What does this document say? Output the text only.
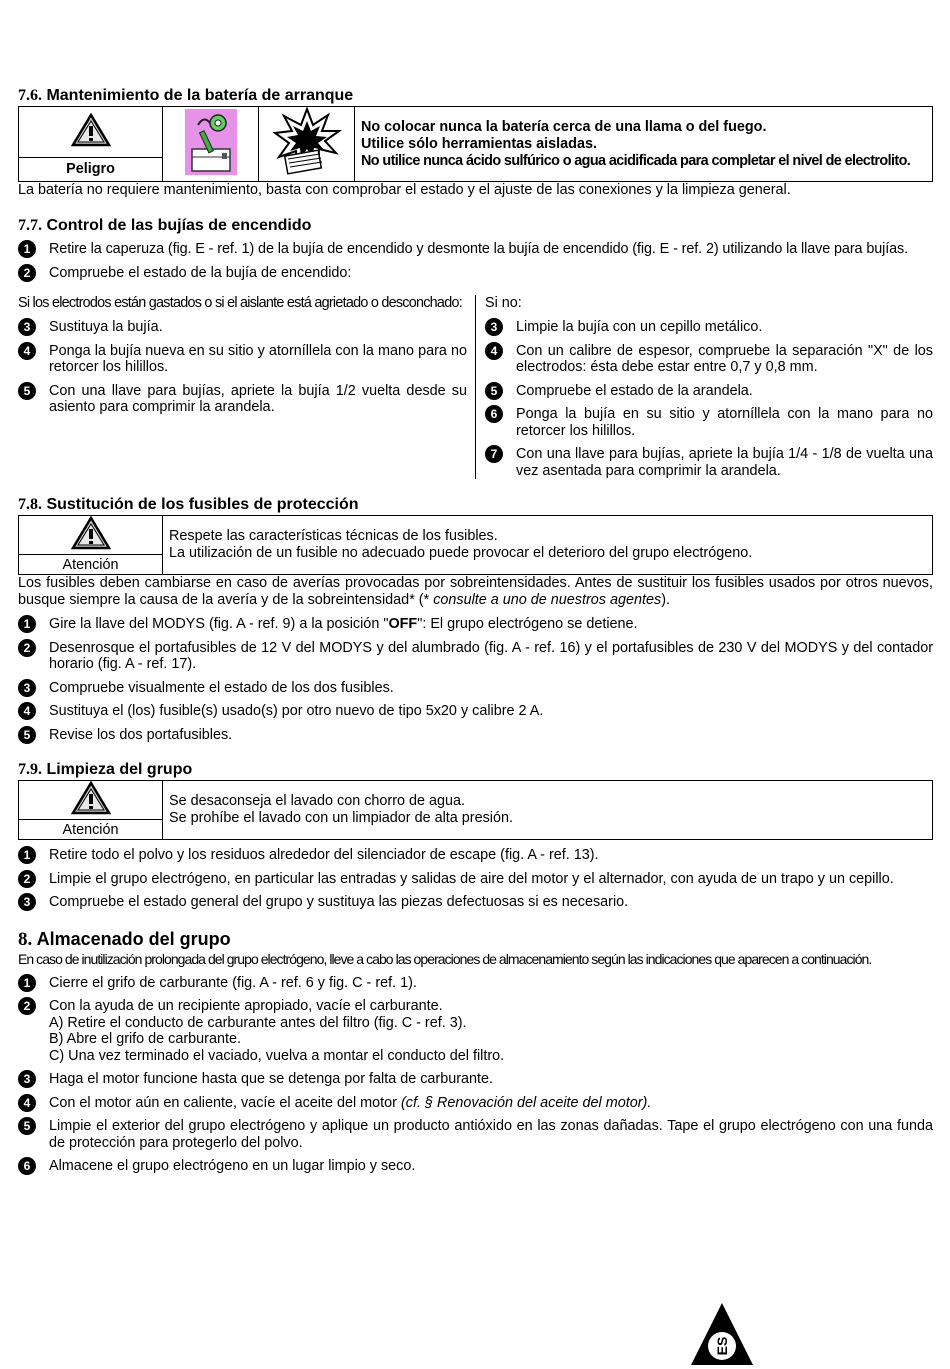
7.6. Mantenimiento de la batería de arranque

No colocar nunca la batería cerca de una llama o del fuego.
Utilice sólo herramientas aisladas.
No utilice nunca ácido sulfúrico o agua acidificada para completar el nivel de electrolito.

Peligro

La batería no requiere mantenimiento, basta con comprobar el estado y el ajuste de las conexiones y la limpieza general.

7.7. Control de las bujías de encendido
1	Retire la caperuza (fig. E - ref. 1) de la bujía de encendido y desmonte la bujía de encendido (fig. E - ref. 2) utilizando la llave para bujías.
2	Compruebe el estado de la bujía de encendido:
Si los electrodos están gastados o si el aislante está agrietado o desconchado:
3	Sustituya la bujía.
4	Ponga la bujía nueva en su sitio y atorníllela con la mano para no retorcer los hilillos.
5	Con una llave para bujías, apriete la bujía 1/2 vuelta desde su asiento para comprimir la arandela.
Si no:
3	Limpie la bujía con un cepillo metálico.
4	Con un calibre de espesor, compruebe la separación "X" de los electrodos: ésta debe estar entre 0,7 y 0,8 mm.
5	Compruebe el estado de la arandela.
6	Ponga la bujía en su sitio y atorníllela con la mano para no retorcer los hilillos.
7	Con una llave para bujías, apriete la bujía 1/4 - 1/8 de vuelta una vez asentada para comprimir la arandela.
7.8. Sustitución de los fusibles de protección

Respete las características técnicas de los fusibles.
La utilización de un fusible no adecuado puede provocar el deterioro del grupo electrógeno.

Atención

Los fusibles deben cambiarse en caso de averías provocadas por sobreintensidades. Antes de sustituir los fusibles usados por otros nuevos, busque siempre la causa de la avería y de la sobreintensidad* (* consulte a uno de nuestros agentes).

1	Gire la llave del MODYS (fig. A - ref. 9) a la posición "OFF": El grupo electrógeno se detiene.
2	Desenrosque el portafusibles de 12 V del MODYS y del alumbrado (fig. A - ref. 16) y el portafusibles de 230 V del MODYS y del contador horario (fig. A - ref. 17).
3	Compruebe visualmente el estado de los dos fusibles.
4	Sustituya el (los) fusible(s) usado(s) por otro nuevo de tipo 5x20 y calibre 2 A.
5	Revise los dos portafusibles.
7.9. Limpieza del grupo

Se desaconseja el lavado con chorro de agua.
Se prohíbe el lavado con un limpiador de alta presión.

Atención
1	Retire todo el polvo y los residuos alrededor del silenciador de escape (fig. A - ref. 13).
2	Limpie el grupo electrógeno, en particular las entradas y salidas de aire del motor y el alternador, con ayuda de un trapo y un cepillo.
3	Compruebe el estado general del grupo y sustituya las piezas defectuosas si es necesario.
8. Almacenado del grupo
En caso de inutilización prolongada del grupo electrógeno, lleve a cabo las operaciones de almacenamiento según las indicaciones que aparecen a continuación.
1	Cierre el grifo de carburante (fig. A - ref. 6 y fig. C - ref. 1).
2	Con la ayuda de un recipiente apropiado, vacíe el carburante.
A) Retire el conducto de carburante antes del filtro (fig. C - ref. 3).
B) Abre el grifo de carburante.
C) Una vez terminado el vaciado, vuelva a montar el conducto del filtro.
3	Haga el motor funcione hasta que se detenga por falta de carburante.
4	Con el motor aún en caliente, vacíe el aceite del motor (cf. § Renovación del aceite del motor).
5	Limpie el exterior del grupo electrógeno y aplique un producto antióxido en las zonas dañadas. Tape el grupo electrógeno con una funda de protección para protegerlo del polvo.
6	Almacene el grupo electrógeno en un lugar limpio y seco.
ES
